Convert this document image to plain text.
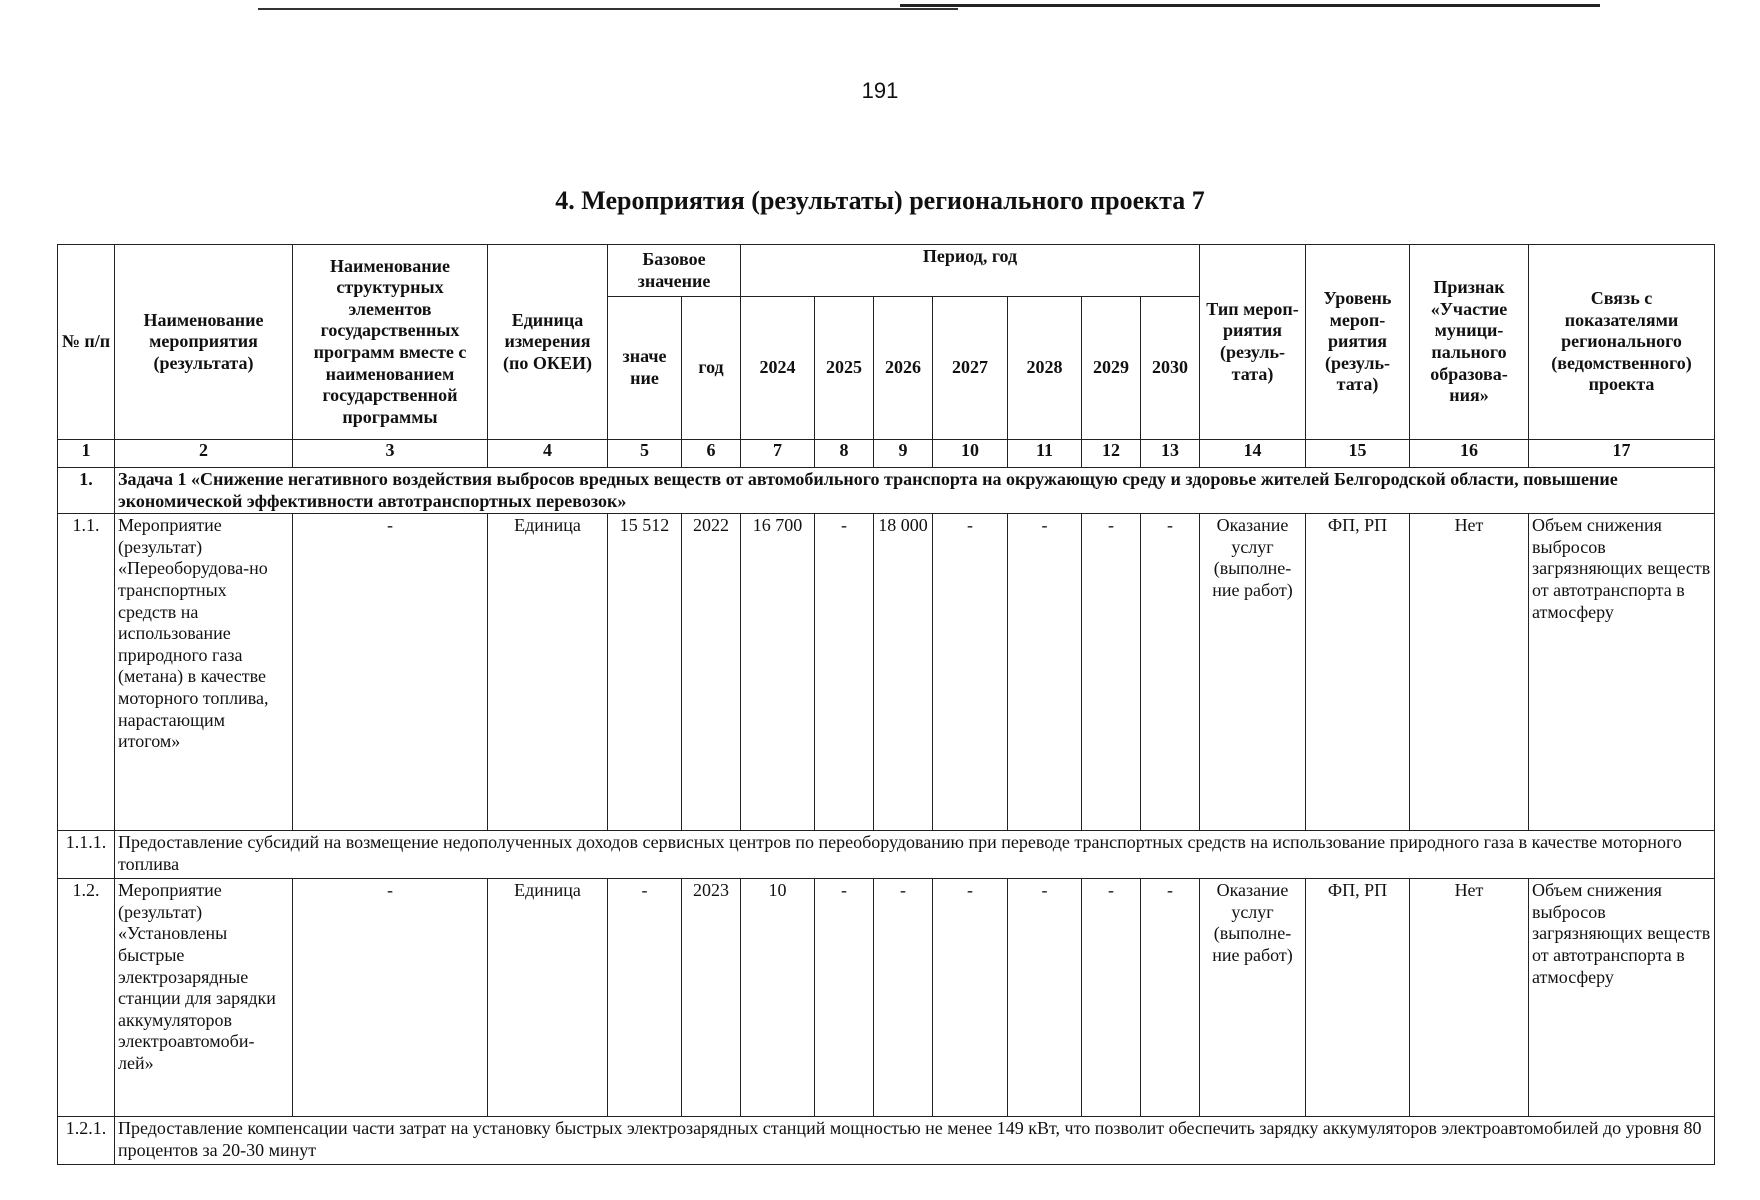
191
4. Мероприятия (результаты) регионального проекта 7
№ п/п	Наименование мероприятия (результата)	Наименование структурных элементов государственных программ вместе с наименованием государственной программы	Единица измерения (по ОКЕИ)	Базовое значение		Период, год							Тип мероп-риятия (резуль-тата)	Уровень мероп-риятия (резуль-тата)	Признак «Участие муници-пального образова-ния»	Связь с показателями регионального (ведомственного) проекта
				значе ние	год	2024	2025	2026	2027	2028	2029	2030				
1	2	3	4	5	6	7	8	9	10	11	12	13	14	15	16	17
1.	Задача 1 «Снижение негативного воздействия выбросов вредных веществ от автомобильного транспорта на окружающую среду и здоровье жителей Белгородской области, повышение экономической эффективности автотранспортных перевозок»															
1.1.	Мероприятие (результат) «Переоборудова-но транспортных средств на использование природного газа (метана) в качестве моторного топлива, нарастающим итогом»	-	Единица	15 512	2022	16 700	-	18 000	-	-	-	-	Оказание услуг (выполне-ние работ)	ФП, РП	Нет	Объем снижения выбросов загрязняющих веществ от автотранспорта в атмосферу
1.1.1.	Предоставление субсидий на возмещение недополученных доходов сервисных центров по переоборудованию при переводе транспортных средств на использование природного газа в качестве моторного топлива															
1.2.	Мероприятие (результат) «Установлены быстрые электрозарядные станции для зарядки аккумуляторов электроавтомоби-лей»	-	Единица	-	2023	10	-	-	-	-	-	-	Оказание услуг (выполне-ние работ)	ФП, РП	Нет	Объем снижения выбросов загрязняющих веществ от автотранспорта в атмосферу
1.2.1.	Предоставление компенсации части затрат на установку быстрых электрозарядных станций мощностью не менее 149 кВт, что позволит обеспечить зарядку аккумуляторов электроавтомобилей до уровня 80 процентов за 20-30 минут															
